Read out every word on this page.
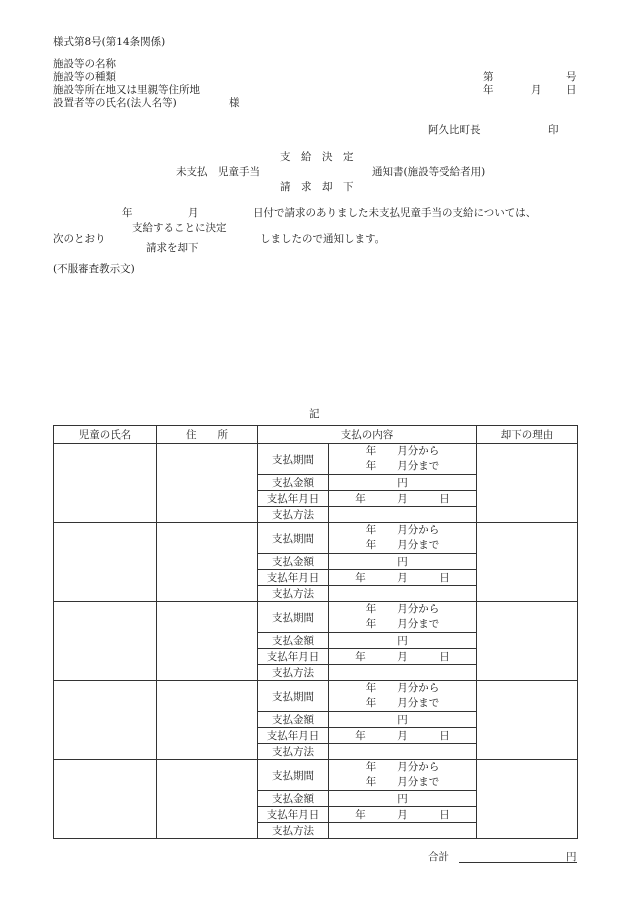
様式第8号(第14条関係)
施設等の名称
施設等の種類
施設等所在地又は里親等住所地
設置者等の氏名(法人名等)	様
第	号
年	月 日
阿久比町長	印
支　給　決　定
未支払　児童手当	通知書(施設等受給者用)
請　求　却　下
年	月	日付で請求のありました未支払児童手当の支給については、
支給することに決定
次のとおり	しましたので通知します。
請求を却下
(不服審査教示文)
記
児童の氏名	住　　所	支払の内容		却下の理由
		支払期間	年　　月分から
年　　月分まで	

		支払金額	円	
		支払年月日	年　　　月　　　日	
		支払方法		
		支払期間	年　　月分から
年　　月分まで	

		支払金額	円	
		支払年月日	年　　　月　　　日	
		支払方法		
		支払期間	年　　月分から
年　　月分まで	

		支払金額	円	
		支払年月日	年　　　月　　　日	
		支払方法		
		支払期間	年　　月分から
年　　月分まで	

		支払金額	円	
		支払年月日	年　　　月　　　日	
		支払方法		
		支払期間	年　　月分から
年　　月分まで	

		支払金額	円	
		支払年月日	年　　　月　　　日	
		支払方法		
合計	円
